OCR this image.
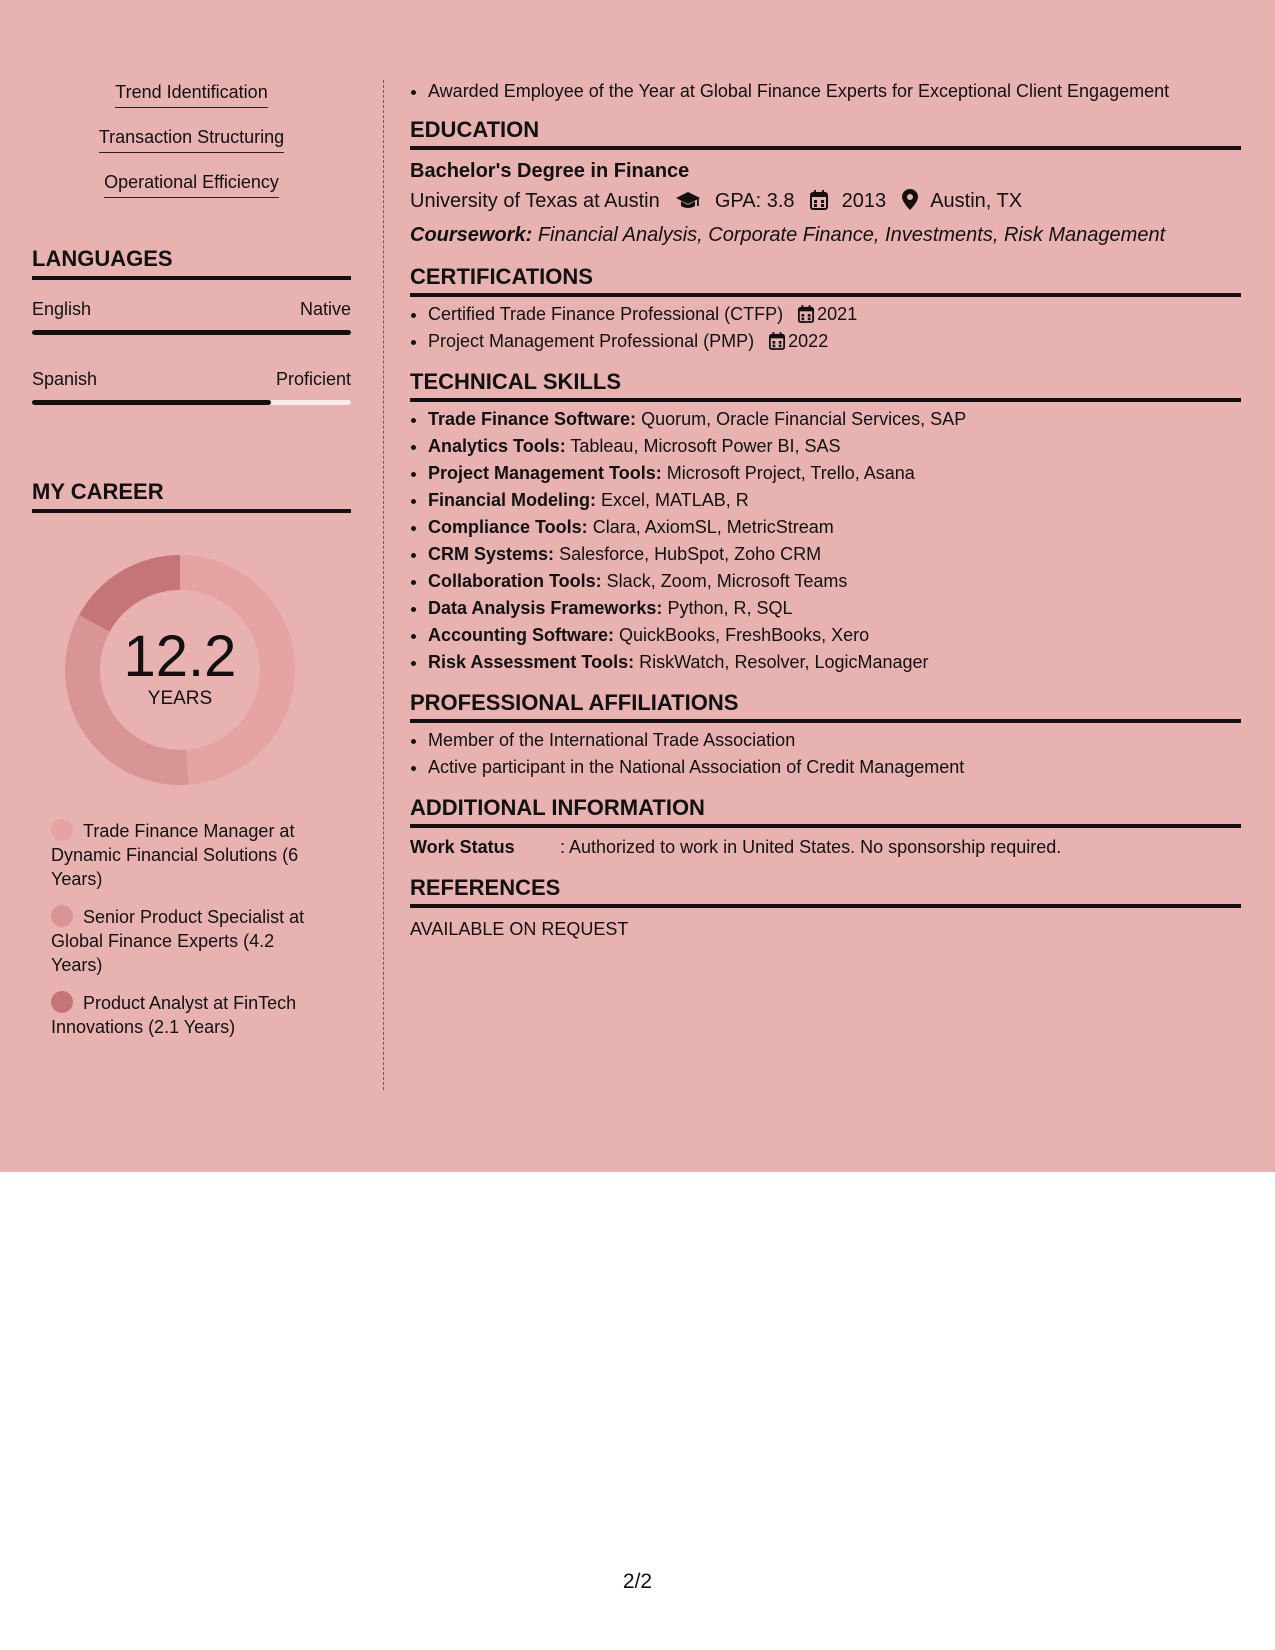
Trend Identification
Transaction Structuring
Operational Efficiency
LANGUAGES
English	Native
Spanish	Proficient
MY CAREER
12.2
YEARS
Trade Finance Manager at Dynamic Financial Solutions (6 Years)
Senior Product Specialist at Global Finance Experts (4.2 Years)
Product Analyst at FinTech Innovations (2.1 Years)
• Awarded Employee of the Year at Global Finance Experts for Exceptional Client Engagement
EDUCATION
Bachelor's Degree in Finance
University of Texas at Austin	GPA: 3.8 2013 Austin, TX
Coursework: Financial Analysis, Corporate Finance, Investments, Risk Management
CERTIFICATIONS
• Certified Trade Finance Professional (CTFP) 2021
• Project Management Professional (PMP) 2022
TECHNICAL SKILLS
• Trade Finance Software: Quorum, Oracle Financial Services, SAP
• Analytics Tools: Tableau, Microsoft Power BI, SAS
• Project Management Tools: Microsoft Project, Trello, Asana
• Financial Modeling: Excel, MATLAB, R
• Compliance Tools: Clara, AxiomSL, MetricStream
• CRM Systems: Salesforce, HubSpot, Zoho CRM
• Collaboration Tools: Slack, Zoom, Microsoft Teams
• Data Analysis Frameworks: Python, R, SQL
• Accounting Software: QuickBooks, FreshBooks, Xero
• Risk Assessment Tools: RiskWatch, Resolver, LogicManager
PROFESSIONAL AFFILIATIONS
• Member of the International Trade Association
• Active participant in the National Association of Credit Management
ADDITIONAL INFORMATION
Work Status	: Authorized to work in United States. No sponsorship required.
REFERENCES
AVAILABLE ON REQUEST
2/2
